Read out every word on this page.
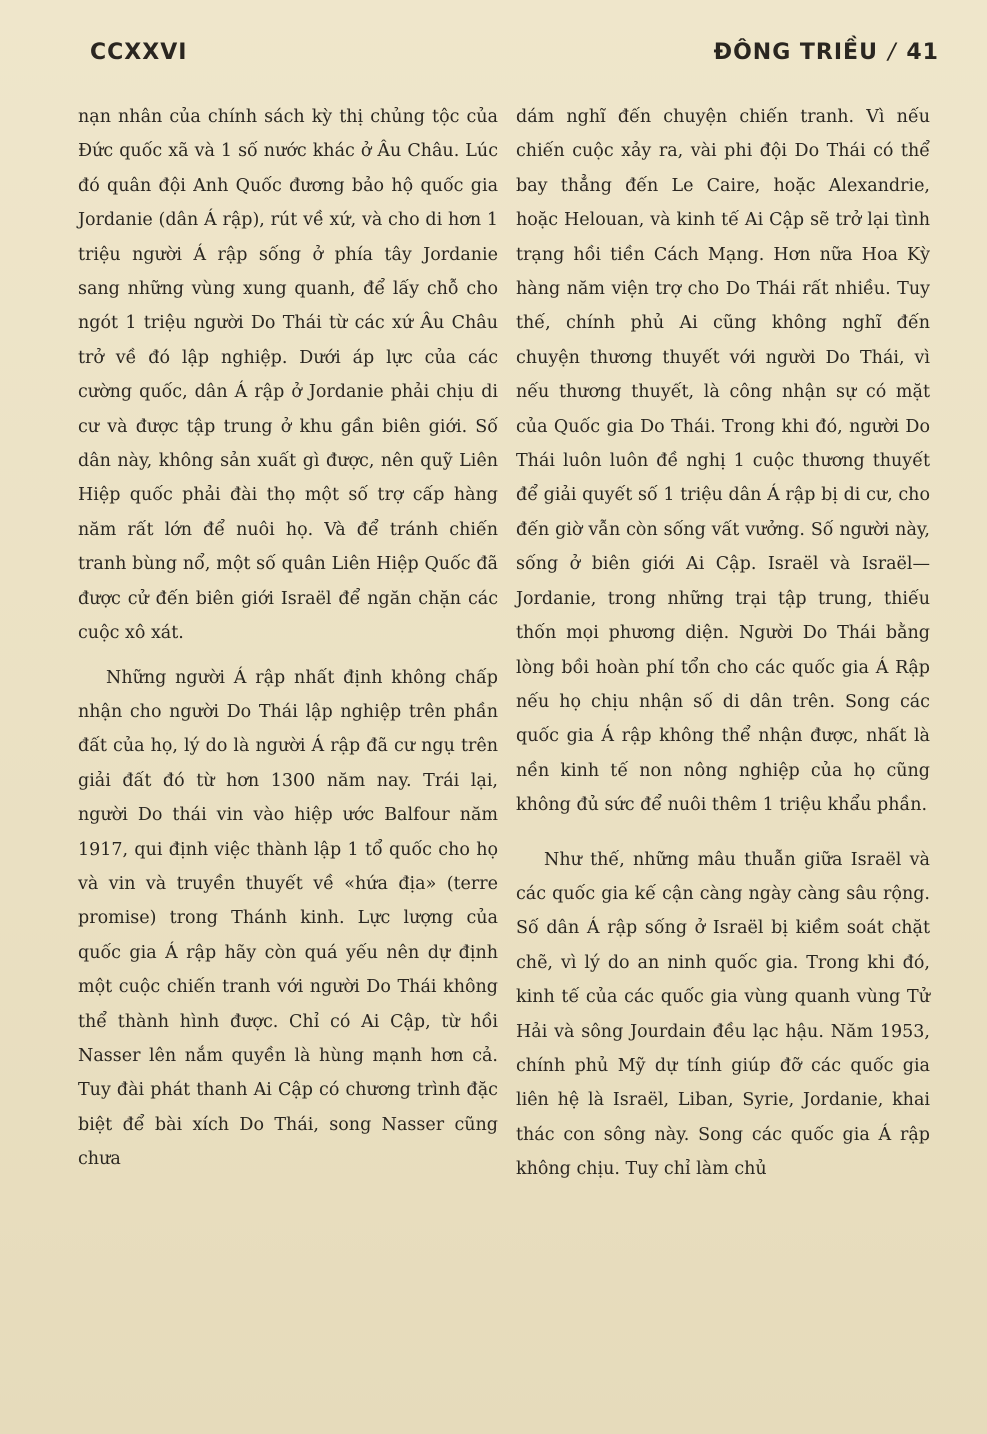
CCXXVI	ĐÔNG TRIỀU / 41

nạn nhân của chính sách kỳ thị chủng tộc của Đức quốc xã và 1 số nước khác ở Âu Châu. Lúc đó quân đội Anh Quốc đương bảo hộ quốc gia Jordanie (dân Á rập), rút về xứ, và cho di hơn 1 triệu người Á rập sống ở phía tây Jordanie sang những vùng xung quanh, để lấy chỗ cho ngót 1 triệu người Do Thái từ các xứ Âu Châu trở về đó lập nghiệp. Dưới áp lực của các cường quốc, dân Á rập ở Jordanie phải chịu di cư và được tập trung ở khu gần biên giới. Số dân này, không sản xuất gì được, nên quỹ Liên Hiệp quốc phải đài thọ một số trợ cấp hàng năm rất lớn để nuôi họ. Và để tránh chiến tranh bùng nổ, một số quân Liên Hiệp Quốc đã được cử đến biên giới Israël để ngăn chặn các cuộc xô xát.

Những người Á rập nhất định không chấp nhận cho người Do Thái lập nghiệp trên phần đất của họ, lý do là người Á rập đã cư ngụ trên giải đất đó từ hơn 1300 năm nay. Trái lại, người Do thái vin vào hiệp ước Balfour năm 1917, qui định việc thành lập 1 tổ quốc cho họ và vin và truyền thuyết về «hứa địa» (terre promise) trong Thánh kinh. Lực lượng của quốc gia Á rập hãy còn quá yếu nên dự định một cuộc chiến tranh với người Do Thái không thể thành hình được. Chỉ có Ai Cập, từ hồi Nasser lên nắm quyền là hùng mạnh hơn cả. Tuy đài phát thanh Ai Cập có chương trình đặc biệt để bài xích Do Thái, song Nasser cũng chưa

dám nghĩ đến chuyện chiến tranh. Vì nếu chiến cuộc xảy ra, vài phi đội Do Thái có thể bay thẳng đến Le Caire, hoặc Alexandrie, hoặc Helouan, và kinh tế Ai Cập sẽ trở lại tình trạng hồi tiền Cách Mạng. Hơn nữa Hoa Kỳ hàng năm viện trợ cho Do Thái rất nhiều. Tuy thế, chính phủ Ai cũng không nghĩ đến chuyện thương thuyết với người Do Thái, vì nếu thương thuyết, là công nhận sự có mặt của Quốc gia Do Thái. Trong khi đó, người Do Thái luôn luôn đề nghị 1 cuộc thương thuyết để giải quyết số 1 triệu dân Á rập bị di cư, cho đến giờ vẫn còn sống vất vưởng. Số người này, sống ở biên giới Ai Cập. Israël và Israël—Jordanie, trong những trại tập trung, thiếu thốn mọi phương diện. Người Do Thái bằng lòng bồi hoàn phí tổn cho các quốc gia Á Rập nếu họ chịu nhận số di dân trên. Song các quốc gia Á rập không thể nhận được, nhất là nền kinh tế non nông nghiệp của họ cũng không đủ sức để nuôi thêm 1 triệu khẩu phần.

Như thế, những mâu thuẫn giữa Israël và các quốc gia kế cận càng ngày càng sâu rộng. Số dân Á rập sống ở Israël bị kiềm soát chặt chẽ, vì lý do an ninh quốc gia. Trong khi đó, kinh tế của các quốc gia vùng quanh vùng Tử Hải và sông Jourdain đều lạc hậu. Năm 1953, chính phủ Mỹ dự tính giúp đỡ các quốc gia liên hệ là Israël, Liban, Syrie, Jordanie, khai thác con sông này. Song các quốc gia Á rập không chịu. Tuy chỉ làm chủ
